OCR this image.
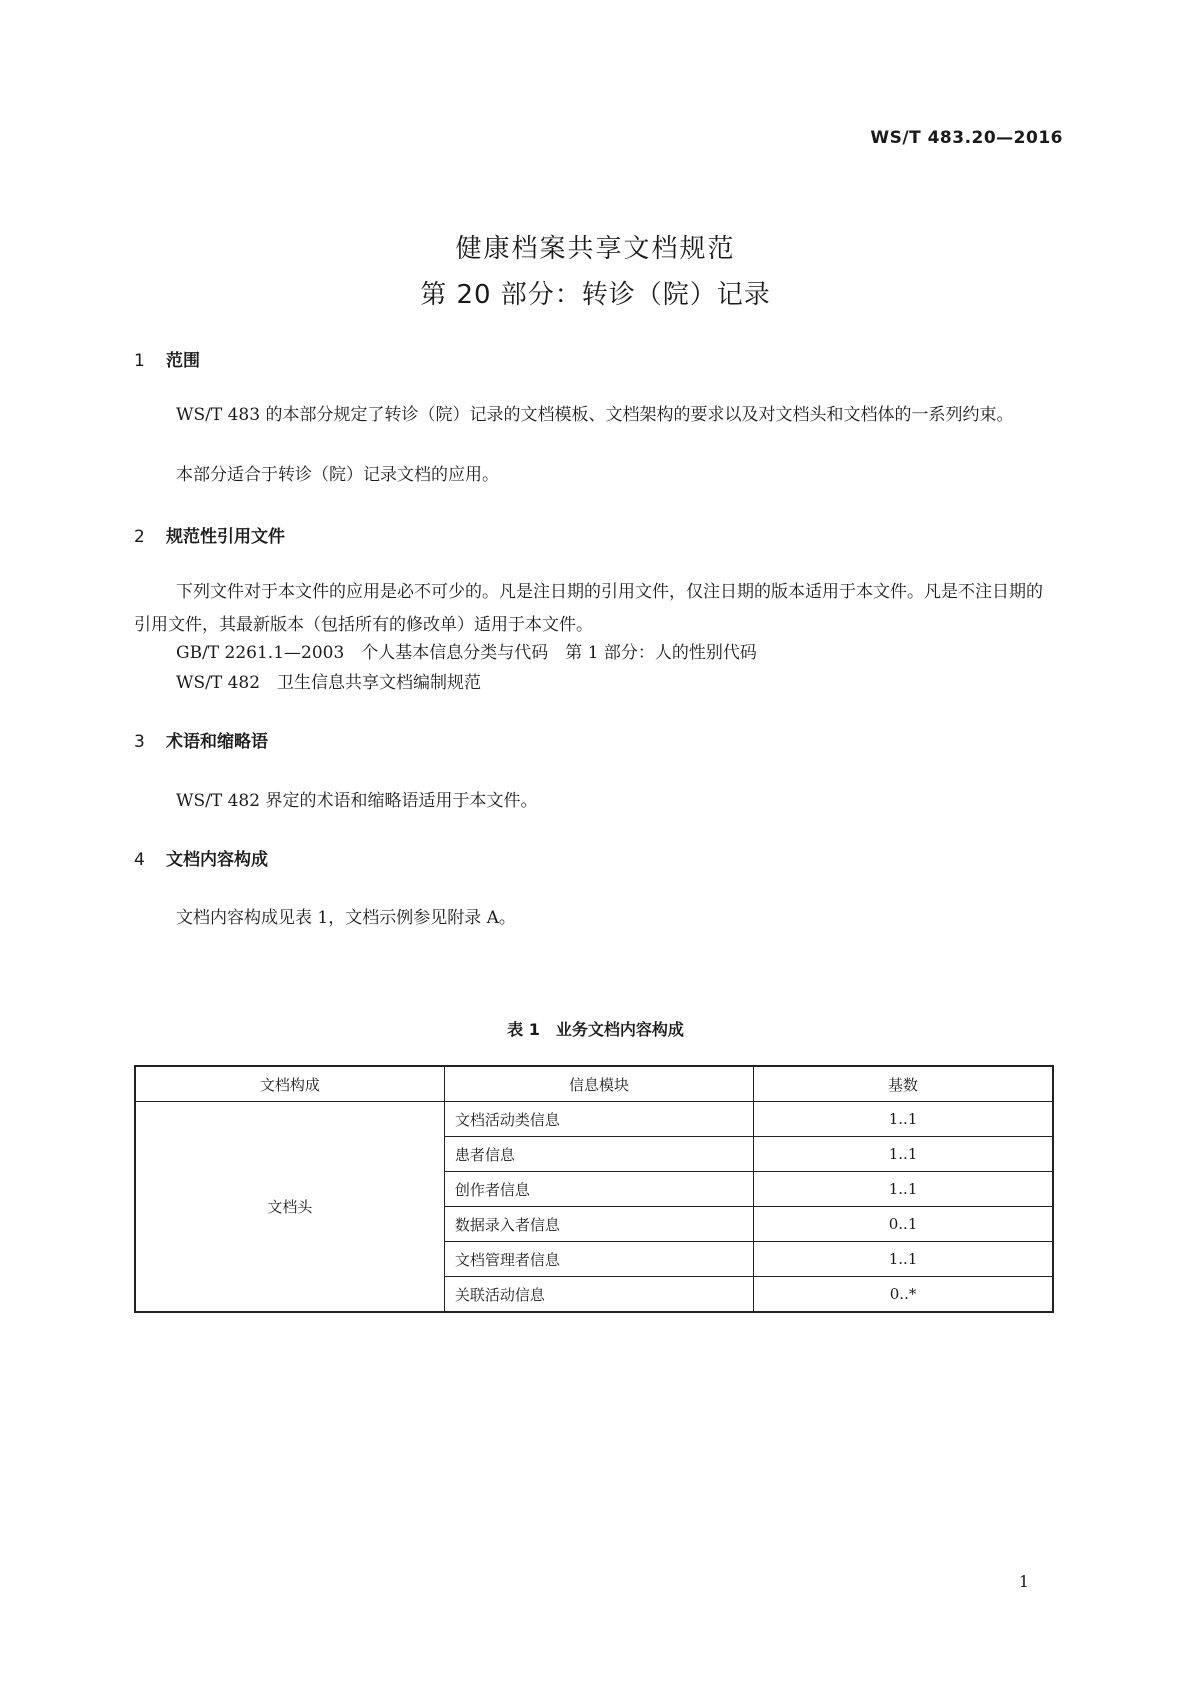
WS/T 483.20—2016
健康档案共享文档规范
第 20 部分：转诊（院）记录
1 范围
WS/T 483 的本部分规定了转诊（院）记录的文档模板、文档架构的要求以及对文档头和文档体的一系列约束。
本部分适合于转诊（院）记录文档的应用。
2 规范性引用文件
下列文件对于本文件的应用是必不可少的。凡是注日期的引用文件，仅注日期的版本适用于本文件。凡是不注日期的引用文件，其最新版本（包括所有的修改单）适用于本文件。
GB/T 2261.1—2003　个人基本信息分类与代码　第 1 部分：人的性别代码
WS/T 482　卫生信息共享文档编制规范
3 术语和缩略语
WS/T 482 界定的术语和缩略语适用于本文件。
4 文档内容构成
文档内容构成见表 1，文档示例参见附录 A。
表 1　业务文档内容构成
文档构成	信息模块	基数
文档头	文档活动类信息	1..1
	患者信息	1..1
	创作者信息	1..1
	数据录入者信息	0..1
	文档管理者信息	1..1
	关联活动信息	0..*
1
